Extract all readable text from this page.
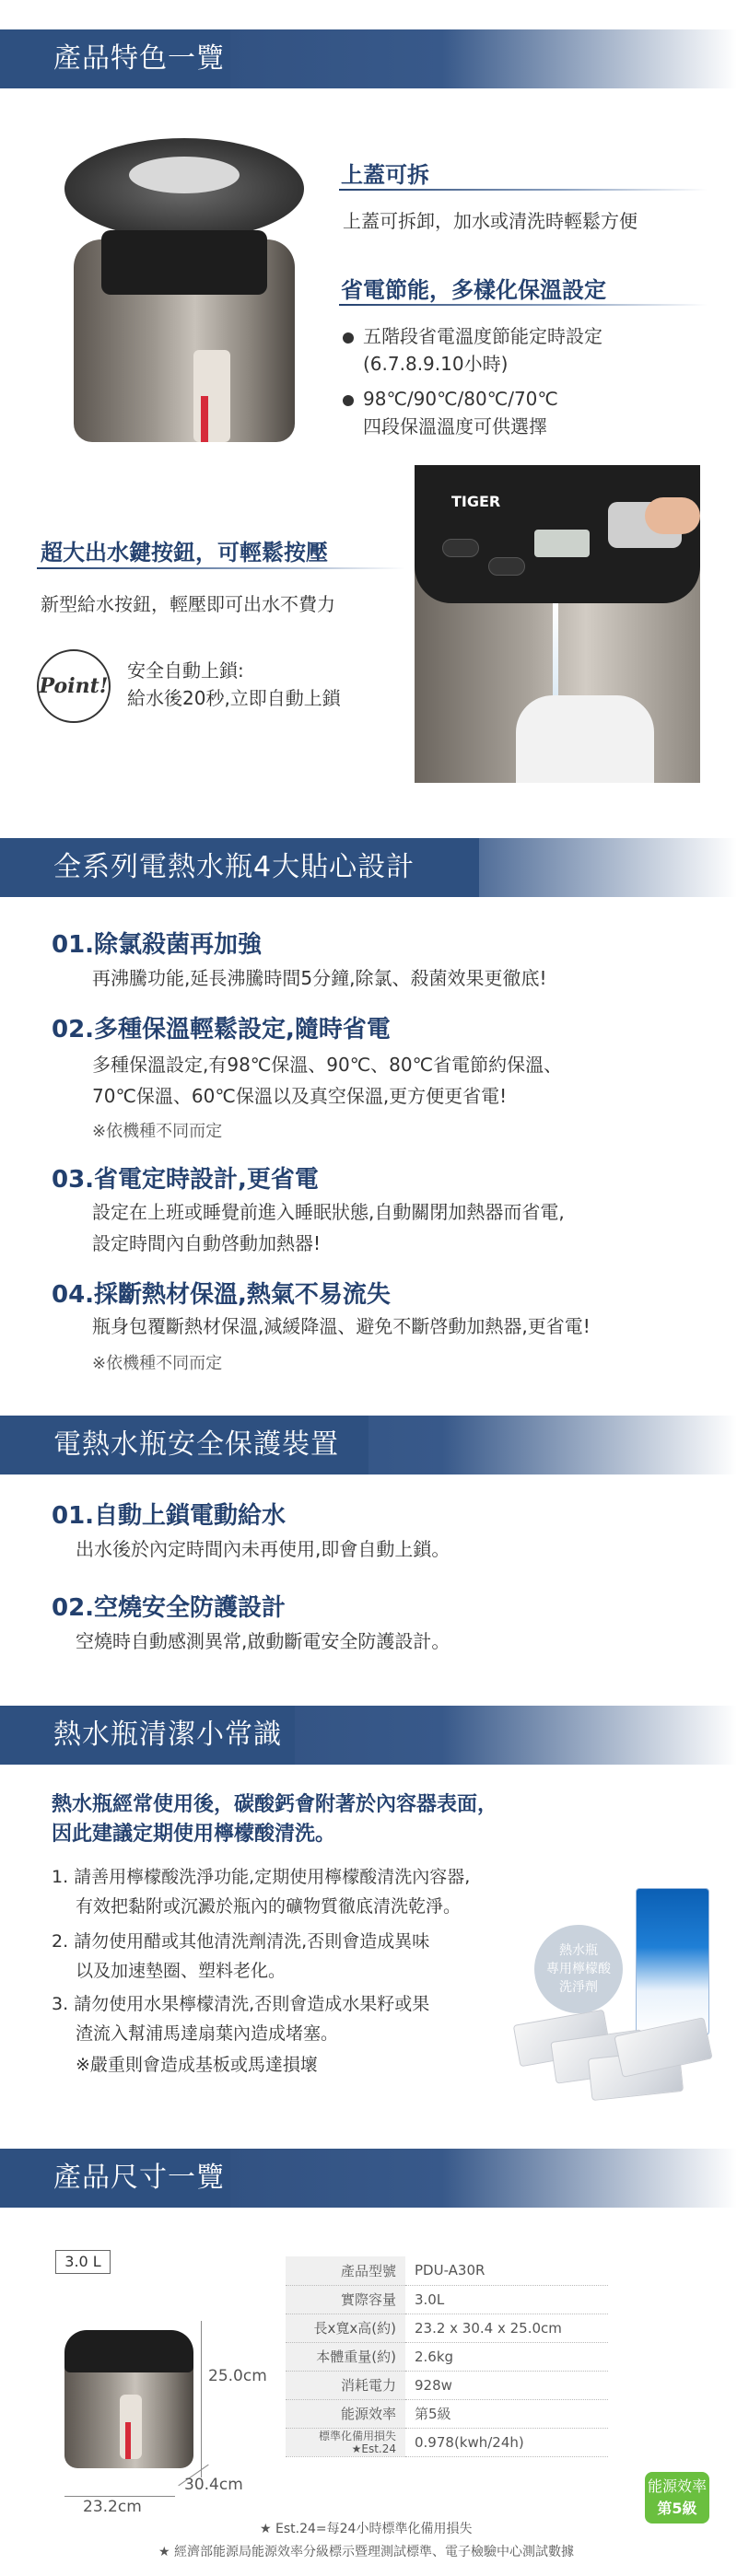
產品特色一覽
上蓋可拆
上蓋可拆卸，加水或清洗時輕鬆方便
省電節能，多樣化保溫設定
五階段省電溫度節能定時設定
(6.7.8.9.10小時)
98℃/90℃/80℃/70℃
四段保溫溫度可供選擇
TIGER
超大出水鍵按鈕，可輕鬆按壓
新型給水按鈕，輕壓即可出水不費力
Point!
安全自動上鎖:
給水後20秒,立即自動上鎖
全系列電熱水瓶4大貼心設計
01.除氯殺菌再加強
再沸騰功能,延長沸騰時間5分鐘,除氯、殺菌效果更徹底!
02.多種保溫輕鬆設定,隨時省電
多種保溫設定,有98℃保溫、90℃、80℃省電節約保溫、
70℃保溫、60℃保溫以及真空保溫,更方便更省電!
※依機種不同而定
03.省電定時設計,更省電
設定在上班或睡覺前進入睡眠狀態,自動關閉加熱器而省電,
設定時間內自動啓動加熱器!
04.採斷熱材保溫,熱氣不易流失
瓶身包覆斷熱材保溫,減緩降溫、避免不斷啓動加熱器,更省電!
※依機種不同而定
電熱水瓶安全保護裝置
01.自動上鎖電動給水
出水後於內定時間內未再使用,即會自動上鎖。
02.空燒安全防護設計
空燒時自動感測異常,啟動斷電安全防護設計。
熱水瓶清潔小常識
熱水瓶經常使用後，碳酸鈣會附著於內容器表面，
因此建議定期使用檸檬酸清洗。
1. 請善用檸檬酸洗淨功能,定期使用檸檬酸清洗內容器,
有效把黏附或沉澱於瓶內的礦物質徹底清洗乾淨。
2. 請勿使用醋或其他清洗劑清洗,否則會造成異味
以及加速墊圈、塑料老化。
3. 請勿使用水果檸檬清洗,否則會造成水果籽或果
渣流入幫浦馬達扇葉內造成堵塞。
※嚴重則會造成基板或馬達損壞
熱水瓶
專用檸檬酸
洗淨劑
產品尺寸一覽
3.0 L
25.0cm
30.4cm
23.2cm
產品型號	PDU-A30R
實際容量	3.0L
長x寬x高(約)	23.2 x 30.4 x 25.0cm
本體重量(約)	2.6kg
消耗電力	928w
能源效率	第5級
標準化備用損失
★Est.24	0.978(kwh/24h)
能源效率
第5級
★ Est.24=每24小時標準化備用損失
★ 經濟部能源局能源效率分級標示暨理測試標準、電子檢驗中心測試數據
